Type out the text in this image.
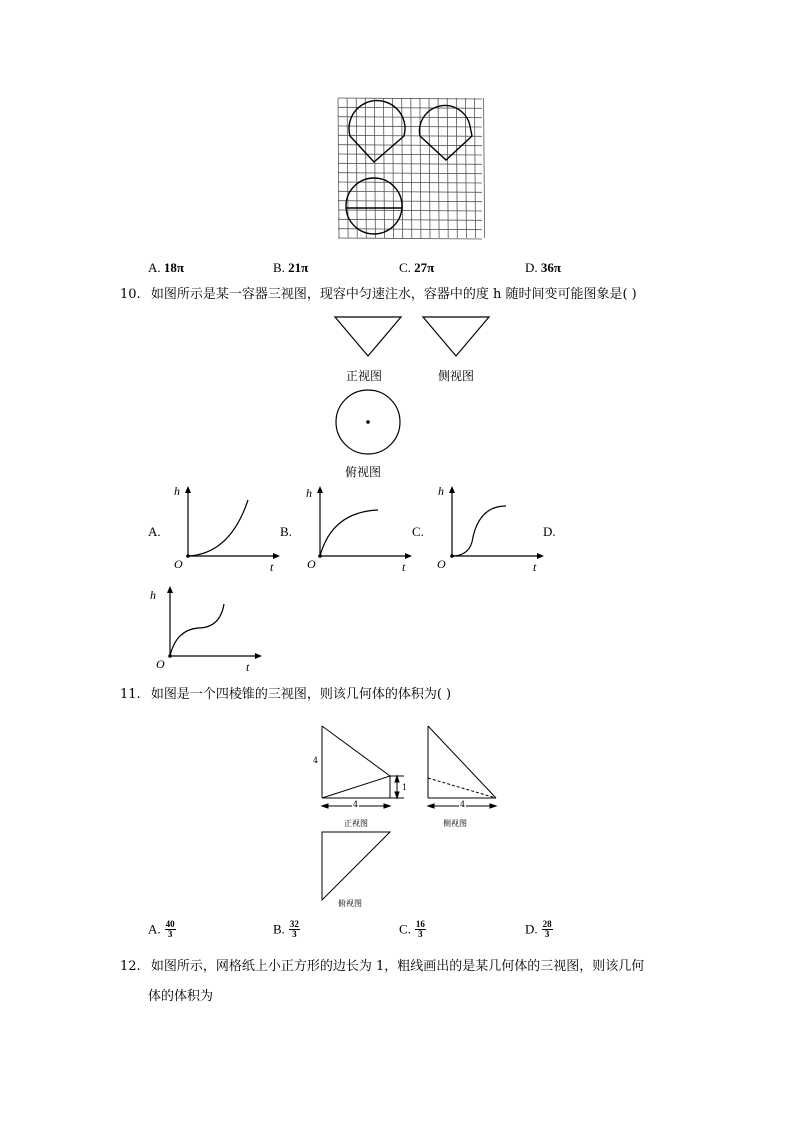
A. 18π	B. 21π	C. 27π	D. 36π
10. 如图所示是某一容器三视图，现容中匀速注水，容器中的度 h 随时间变可能图象是( )
正视图	侧视图
俯视图
A.
h
O	t
B.
h
O	t
C.
h
O	t
D.
h
O	t
11. 如图是一个四棱锥的三视图，则该几何体的体积为( )
4
1
4
正视图
4
侧视图
俯视图
A. $\frac{40}{3}$	B. $\frac{32}{3}$	C. $\frac{16}{3}$	D. $\frac{28}{3}$
12. 如图所示，网格纸上小正方形的边长为 1，粗线画出的是某几何体的三视图，则该几何
体的体积为
